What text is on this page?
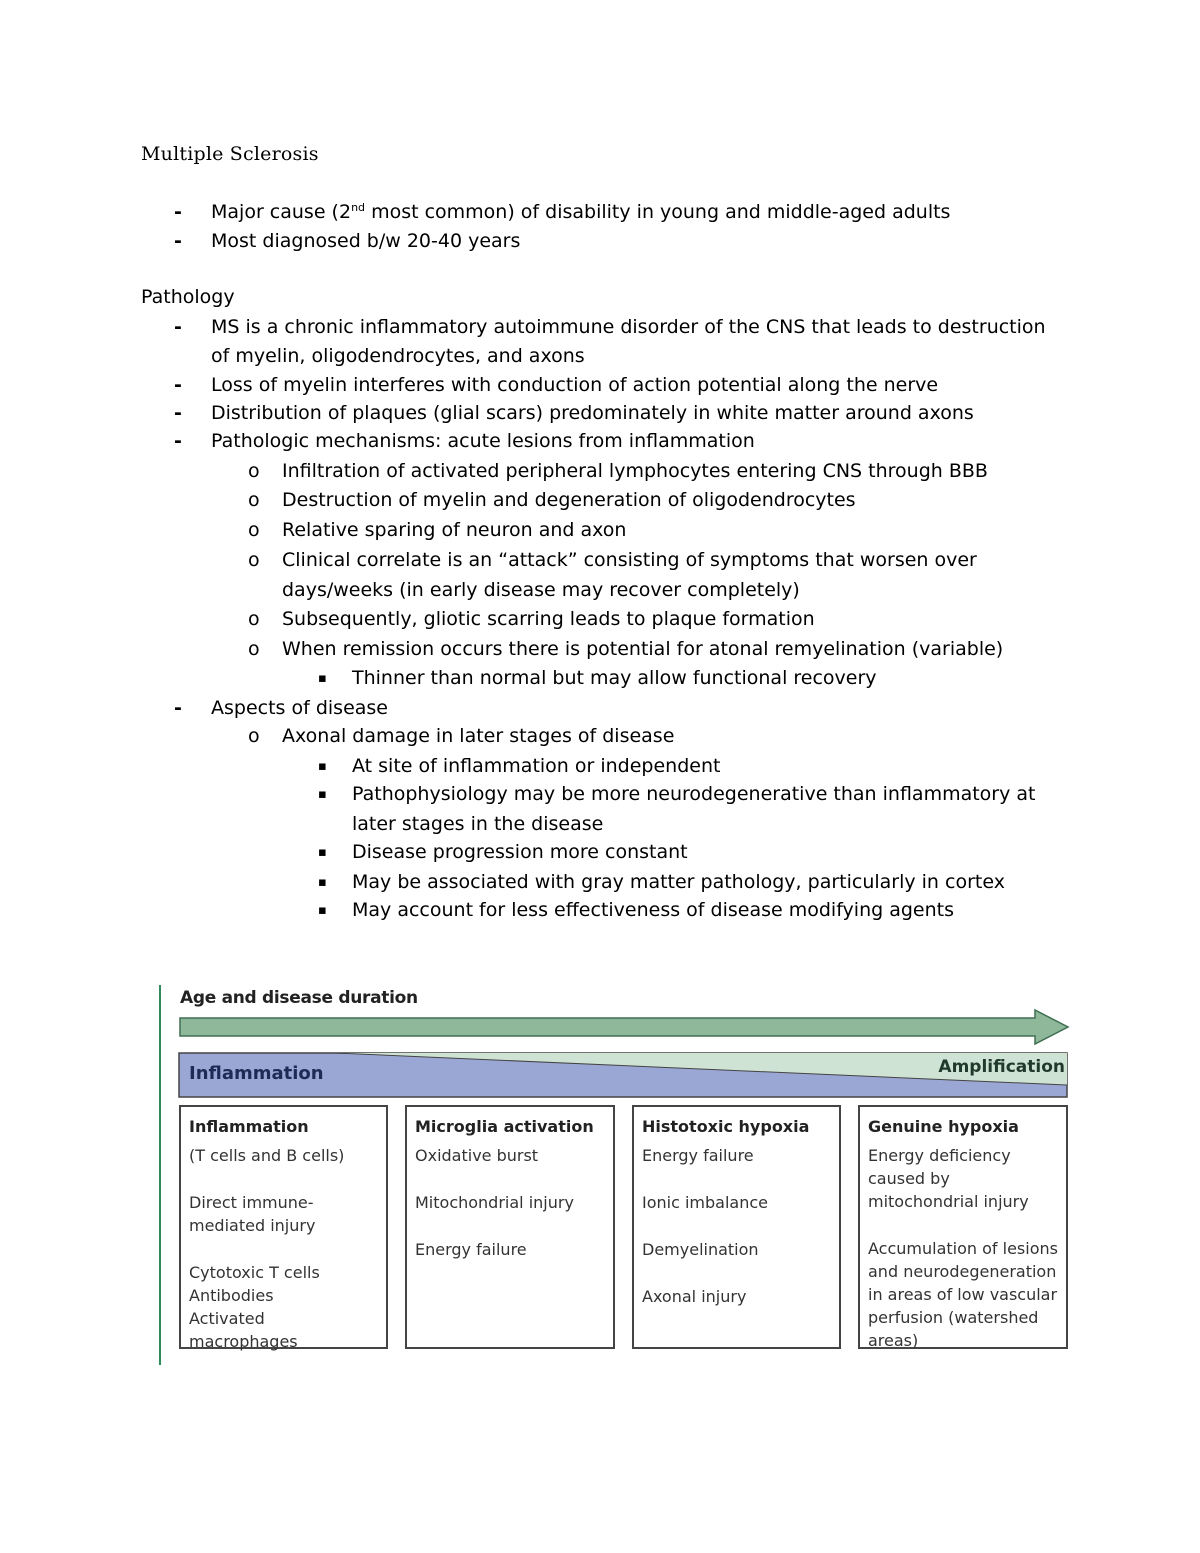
Multiple Sclerosis
- Major cause (2nd most common) of disability in young and middle-aged adults
- Most diagnosed b/w 20-40 years
Pathology
- MS is a chronic inflammatory autoimmune disorder of the CNS that leads to destruction
of myelin, oligodendrocytes, and axons
- Loss of myelin interferes with conduction of action potential along the nerve
- Distribution of plaques (glial scars) predominately in white matter around axons
- Pathologic mechanisms: acute lesions from inflammation
o Infiltration of activated peripheral lymphocytes entering CNS through BBB
o Destruction of myelin and degeneration of oligodendrocytes
o Relative sparing of neuron and axon
o Clinical correlate is an “attack” consisting of symptoms that worsen over
days/weeks (in early disease may recover completely)
o Subsequently, gliotic scarring leads to plaque formation
o When remission occurs there is potential for atonal remyelination (variable)
▪ Thinner than normal but may allow functional recovery
- Aspects of disease
o Axonal damage in later stages of disease
▪ At site of inflammation or independent
▪ Pathophysiology may be more neurodegenerative than inflammatory at
later stages in the disease
▪ Disease progression more constant
▪ May be associated with gray matter pathology, particularly in cortex
▪ May account for less effectiveness of disease modifying agents
Age and disease duration
Inflammation	Amplification
Inflammation
(T cells and B cells)
Direct immune-mediated injury
Cytotoxic T cells
Antibodies
Activated macrophages
Microglia activation
Oxidative burst
Mitochondrial injury
Energy failure
Histotoxic hypoxia
Energy failure
Ionic imbalance
Demyelination
Axonal injury
Genuine hypoxia
Energy deficiency caused by mitochondrial injury
Accumulation of lesions and neurodegeneration in areas of low vascular perfusion (watershed areas)
